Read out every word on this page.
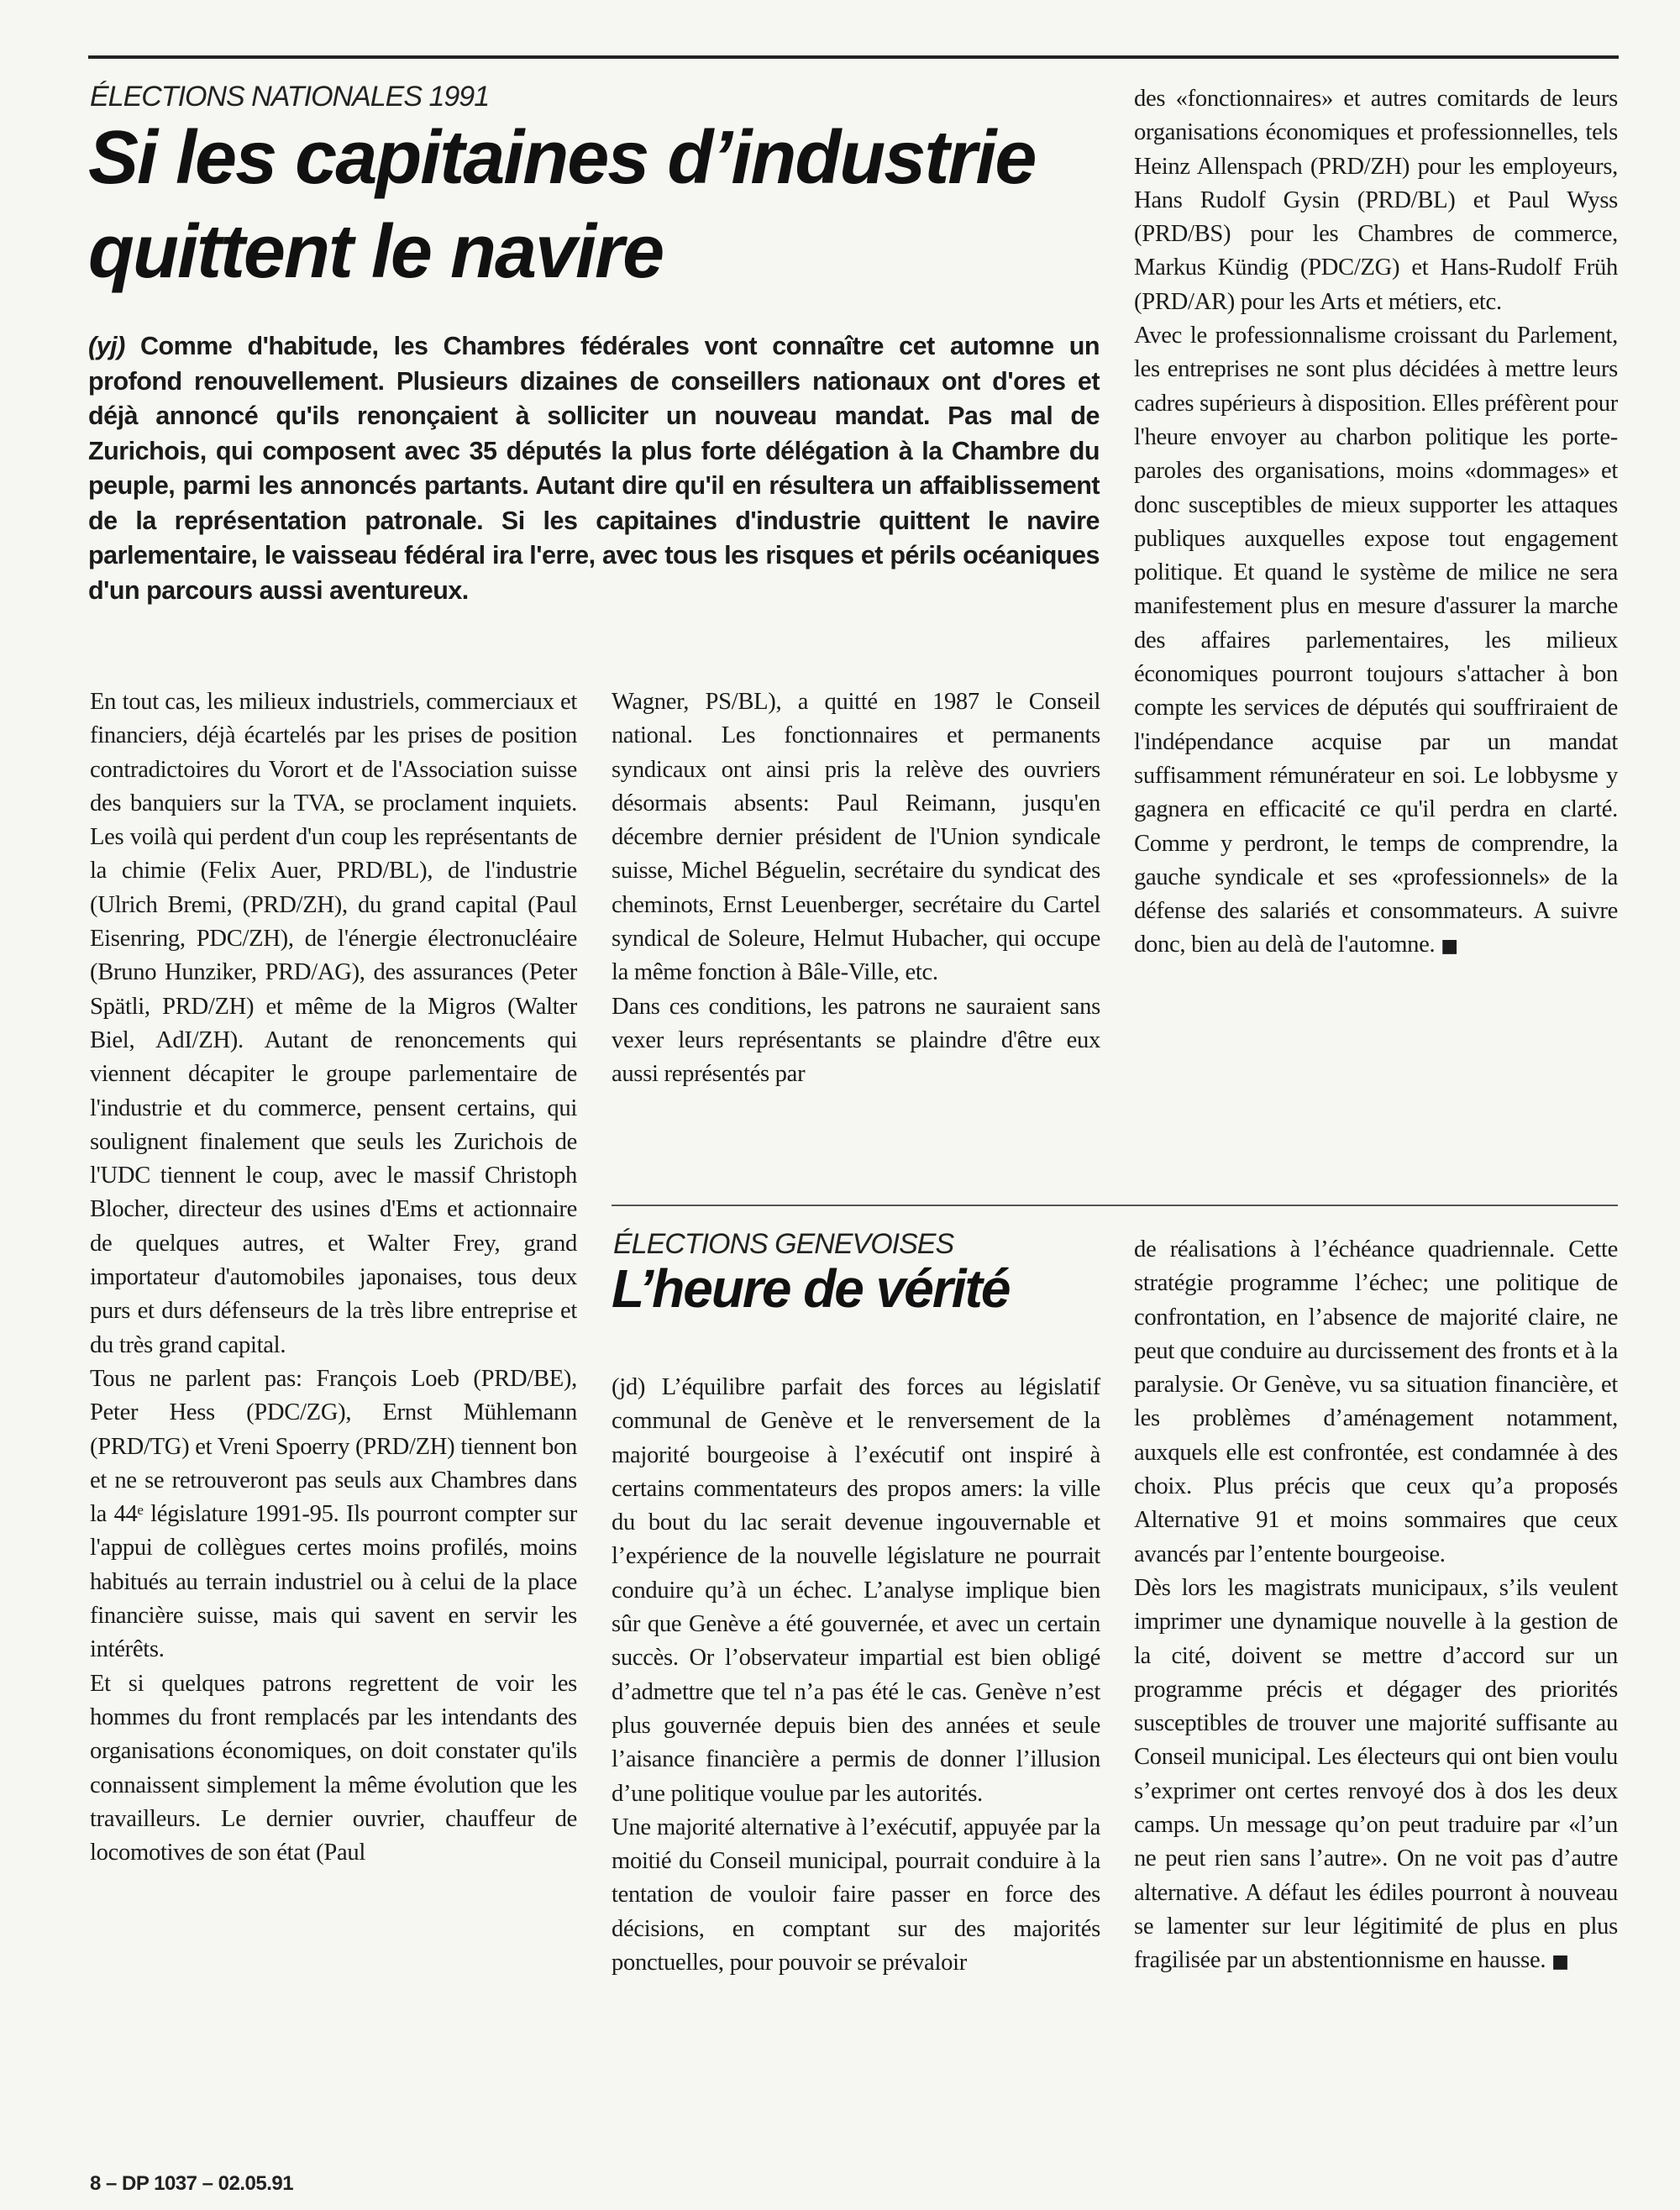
ÉLECTIONS NATIONALES 1991
Si les capitaines d’industrie quittent le navire

(yj) Comme d'habitude, les Chambres fédérales vont connaître cet automne un profond renouvellement. Plusieurs dizaines de conseillers nationaux ont d'ores et déjà annoncé qu'ils renonçaient à solliciter un nouveau mandat. Pas mal de Zurichois, qui composent avec 35 députés la plus forte délégation à la Chambre du peuple, parmi les annoncés partants. Autant dire qu'il en résultera un affaiblissement de la représentation patronale. Si les capitaines d'industrie quittent le navire parlementaire, le vaisseau fédéral ira l'erre, avec tous les risques et périls océaniques d'un parcours aussi aventureux.

En tout cas, les milieux industriels, commerciaux et financiers, déjà écartelés par les prises de position contradictoires du Vorort et de l'Association suisse des banquiers sur la TVA, se proclament inquiets. Les voilà qui perdent d'un coup les représentants de la chimie (Felix Auer, PRD/BL), de l'industrie (Ulrich Bremi, (PRD/ZH), du grand capital (Paul Eisenring, PDC/ZH), de l'énergie électronucléaire (Bruno Hunziker, PRD/AG), des assurances (Peter Spätli, PRD/ZH) et même de la Migros (Walter Biel, AdI/ZH). Autant de renoncements qui viennent décapiter le groupe parlementaire de l'industrie et du commerce, pensent certains, qui soulignent finalement que seuls les Zurichois de l'UDC tiennent le coup, avec le massif Christoph Blocher, directeur des usines d'Ems et actionnaire de quelques autres, et Walter Frey, grand importateur d'automobiles japonaises, tous deux purs et durs défenseurs de la très libre entreprise et du très grand capital.

Tous ne parlent pas: François Loeb (PRD/BE), Peter Hess (PDC/ZG), Ernst Mühlemann (PRD/TG) et Vreni Spoerry (PRD/ZH) tiennent bon et ne se retrouveront pas seuls aux Chambres dans la 44ᵉ législature 1991-95. Ils pourront compter sur l'appui de collègues certes moins profilés, moins habitués au terrain industriel ou à celui de la place financière suisse, mais qui savent en servir les intérêts.

Et si quelques patrons regrettent de voir les hommes du front remplacés par les intendants des organisations économiques, on doit constater qu'ils connaissent simplement la même évolution que les travailleurs. Le dernier ouvrier, chauffeur de locomotives de son état (Paul

Wagner, PS/BL), a quitté en 1987 le Conseil national. Les fonctionnaires et permanents syndicaux ont ainsi pris la relève des ouvriers désormais absents: Paul Reimann, jusqu'en décembre dernier président de l'Union syndicale suisse, Michel Béguelin, secrétaire du syndicat des cheminots, Ernst Leuenberger, secrétaire du Cartel syndical de Soleure, Helmut Hubacher, qui occupe la même fonction à Bâle-Ville, etc.

Dans ces conditions, les patrons ne sauraient sans vexer leurs représentants se plaindre d'être eux aussi représentés par

des «fonctionnaires» et autres comitards de leurs organisations économiques et professionnelles, tels Heinz Allenspach (PRD/ZH) pour les employeurs, Hans Rudolf Gysin (PRD/BL) et Paul Wyss (PRD/BS) pour les Chambres de commerce, Markus Kündig (PDC/ZG) et Hans-Rudolf Früh (PRD/AR) pour les Arts et métiers, etc.

Avec le professionnalisme croissant du Parlement, les entreprises ne sont plus décidées à mettre leurs cadres supérieurs à disposition. Elles préfèrent pour l'heure envoyer au charbon politique les porte-paroles des organisations, moins «dommages» et donc susceptibles de mieux supporter les attaques publiques auxquelles expose tout engagement politique. Et quand le système de milice ne sera manifestement plus en mesure d'assurer la marche des affaires parlementaires, les milieux économiques pourront toujours s'attacher à bon compte les services de députés qui souffriraient de l'indépendance acquise par un mandat suffisamment rémunérateur en soi. Le lobbysme y gagnera en efficacité ce qu'il perdra en clarté. Comme y perdront, le temps de comprendre, la gauche syndicale et ses «professionnels» de la défense des salariés et consommateurs. A suivre donc, bien au delà de l'automne. ■

ÉLECTIONS GENEVOISES
L’heure de vérité

(jd) L’équilibre parfait des forces au législatif communal de Genève et le renversement de la majorité bourgeoise à l’exécutif ont inspiré à certains commentateurs des propos amers: la ville du bout du lac serait devenue ingouvernable et l’expérience de la nouvelle législature ne pourrait conduire qu’à un échec. L’analyse implique bien sûr que Genève a été gouvernée, et avec un certain succès. Or l’observateur impartial est bien obligé d’admettre que tel n’a pas été le cas. Genève n’est plus gouvernée depuis bien des années et seule l’aisance financière a permis de donner l’illusion d’une politique voulue par les autorités.

Une majorité alternative à l’exécutif, appuyée par la moitié du Conseil municipal, pourrait conduire à la tentation de vouloir faire passer en force des décisions, en comptant sur des majorités ponctuelles, pour pouvoir se prévaloir

de réalisations à l’échéance quadriennale. Cette stratégie programme l’échec; une politique de confrontation, en l’absence de majorité claire, ne peut que conduire au durcissement des fronts et à la paralysie. Or Genève, vu sa situation financière, et les problèmes d’aménagement notamment, auxquels elle est confrontée, est condamnée à des choix. Plus précis que ceux qu’a proposés Alternative 91 et moins sommaires que ceux avancés par l’entente bourgeoise.

Dès lors les magistrats municipaux, s’ils veulent imprimer une dynamique nouvelle à la gestion de la cité, doivent se mettre d’accord sur un programme précis et dégager des priorités susceptibles de trouver une majorité suffisante au Conseil municipal. Les électeurs qui ont bien voulu s’exprimer ont certes renvoyé dos à dos les deux camps. Un message qu’on peut traduire par «l’un ne peut rien sans l’autre». On ne voit pas d’autre alternative. A défaut les édiles pourront à nouveau se lamenter sur leur légitimité de plus en plus fragilisée par un abstentionnisme en hausse. ■

8 – DP 1037 – 02.05.91
